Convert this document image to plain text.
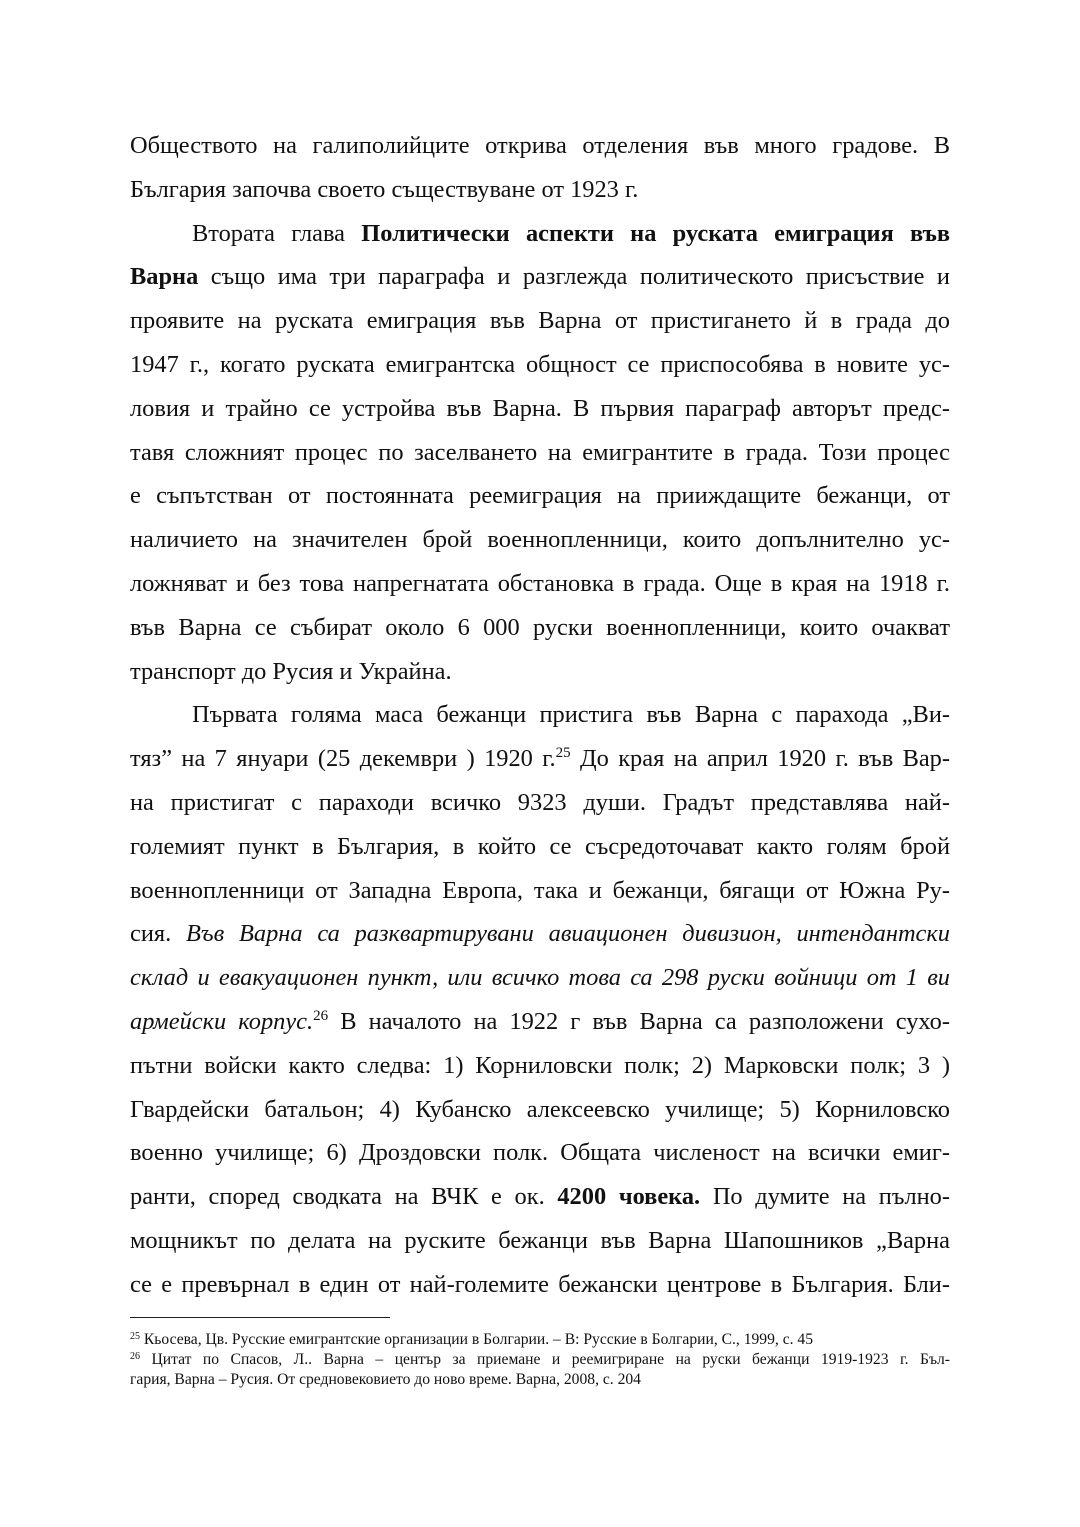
Обществото на галиполийците открива отделения във много градове. В

България започва своето съществуване от 1923 г.

Втората глава Политически аспекти на руската емиграция във

Варна също има три параграфа и разглежда политическото присъствие и

проявите на руската емиграция във Варна от пристигането й в града до

1947 г., когато руската емигрантска общност се приспособява в новите ус-

ловия и трайно се устройва във Варна. В първия параграф авторът предс-

тавя сложният процес по заселването на емигрантите в града. Този процес

е съпътстван от постоянната реемиграция на прииждащите бежанци, от

наличието на значителен брой военнопленници, които допълнително ус-

ложняват и без това напрегнатата обстановка в града. Още в края на 1918 г.

във Варна се събират около 6 000 руски военнопленници, които очакват

транспорт до Русия и Украйна.

Първата голяма маса бежанци пристига във Варна с парахода „Ви-

тяз” на 7 януари (25 декември ) 1920 г.$^{25}$ До края на април 1920 г. във Вар-

на пристигат с параходи всичко 9323 души. Градът представлява най-

големият пункт в България, в който се съсредоточават както голям брой

военнопленници от Западна Европа, така и бежанци, бягащи от Южна Ру-

сия. Във Варна са разквартирувани авиационен дивизион, интендантски

склад и евакуационен пункт, или всичко това са 298 руски войници от 1 ви

армейски корпус.$^{26}$ В началото на 1922 г във Варна са разположени сухо-

пътни войски както следва: 1) Корниловски полк; 2) Марковски полк; 3 )

Гвардейски батальон; 4) Кубанско алексеевско училище; 5) Корниловско

военно училище; 6) Дроздовски полк. Общата численост на всички емиг-

ранти, според сводката на ВЧК е ок. 4200 човека. По думите на пълно-

мощникът по делата на руските бежанци във Варна Шапошников „Варна

се е превърнал в един от най-големите бежански центрове в България. Бли-

$^{25}$ Кьосева, Цв. Русские емигрантские организации в Болгарии. – В: Русские в Болгарии, С., 1999, с. 45

$^{26}$ Цитат по Спасов, Л.. Варна – център за приемане и реемигриране на руски бежанци 1919-1923 г. Бъл-

гария, Варна – Русия. От средновековието до ново време. Варна, 2008, с. 204
